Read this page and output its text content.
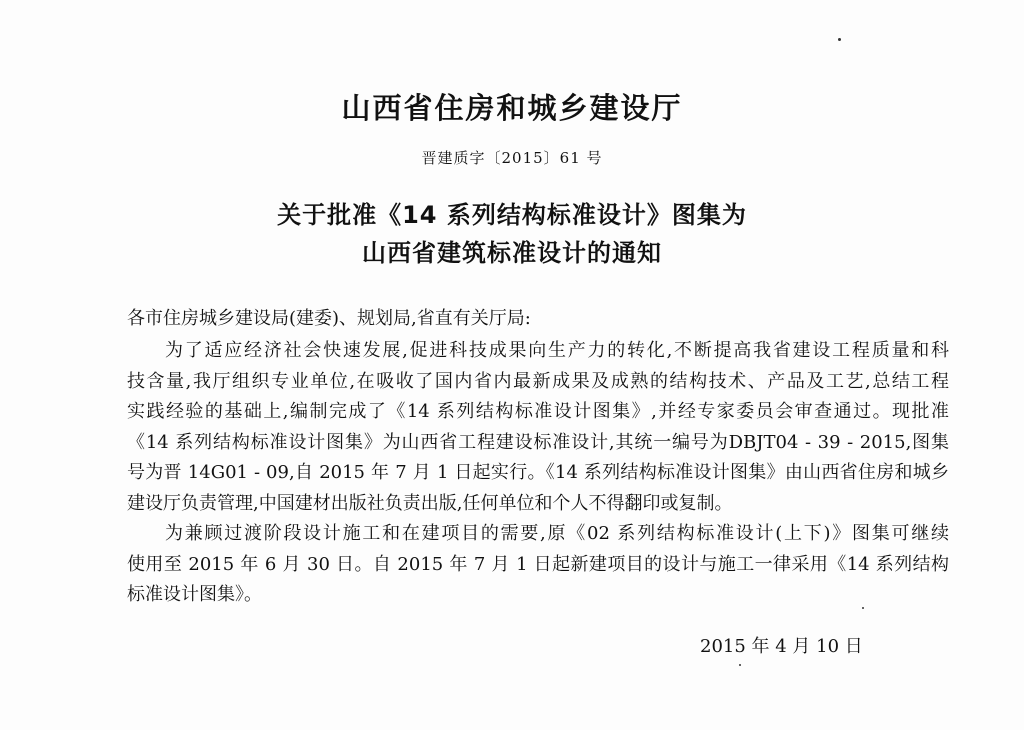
山西省住房和城乡建设厅
晋建质字〔2015〕61 号
关于批准《14 系列结构标准设计》图集为
山西省建筑标准设计的通知
各市住房城乡建设局(建委)、规划局,省直有关厅局:
为了适应经济社会快速发展,促进科技成果向生产力的转化,不断提高我省建设工程质量和科
技含量,我厅组织专业单位,在吸收了国内省内最新成果及成熟的结构技术、产品及工艺,总结工程
实践经验的基础上,编制完成了《14 系列结构标准设计图集》,并经专家委员会审查通过。现批准
《14 系列结构标准设计图集》为山西省工程建设标准设计,其统一编号为DBJT04 - 39 - 2015,图集
号为晋 14G01 - 09,自 2015 年 7 月 1 日起实行。《14 系列结构标准设计图集》由山西省住房和城乡
建设厅负责管理,中国建材出版社负责出版,任何单位和个人不得翻印或复制。
为兼顾过渡阶段设计施工和在建项目的需要,原《02 系列结构标准设计(上下)》图集可继续
使用至 2015 年 6 月 30 日。自 2015 年 7 月 1 日起新建项目的设计与施工一律采用《14 系列结构
标准设计图集》。
2015 年 4 月 10 日
